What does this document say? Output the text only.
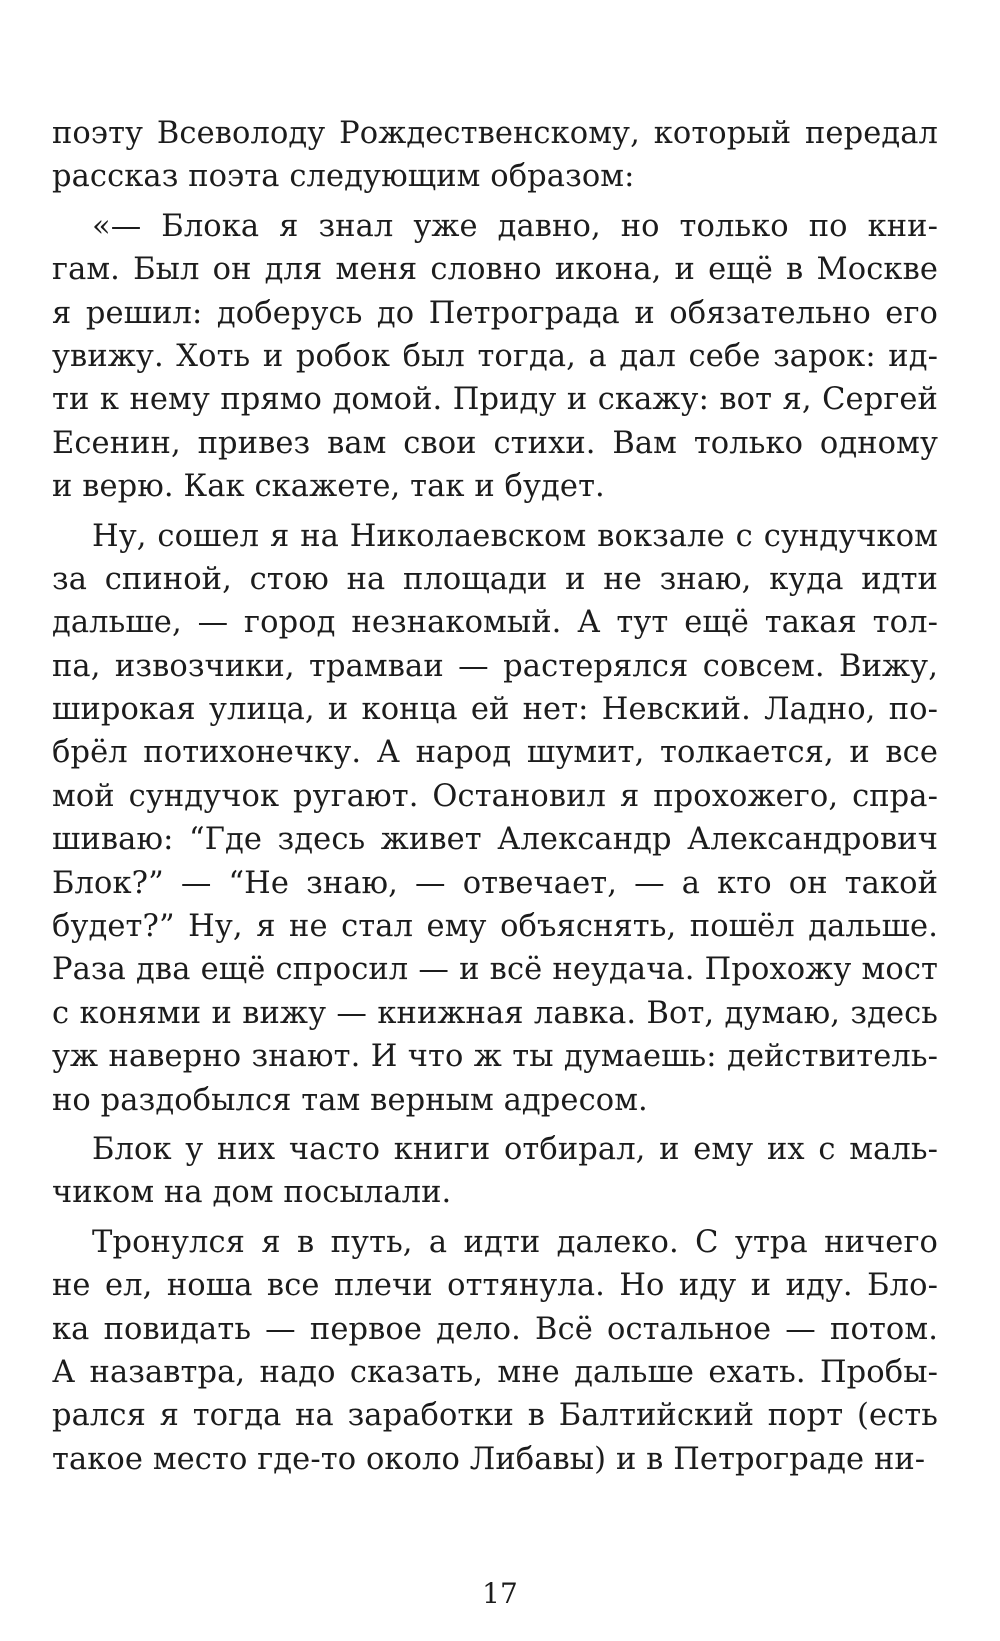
поэту Всеволоду Рождественскому, который передал
рассказ поэта следующим образом:
«— Блока я знал уже давно, но только по кни-
гам. Был он для меня словно икона, и ещё в Москве
я решил: доберусь до Петрограда и обязательно его
увижу. Хоть и робок был тогда, а дал себе зарок: ид-
ти к нему прямо домой. Приду и скажу: вот я, Сергей
Есенин, привез вам свои стихи. Вам только одному
и верю. Как скажете, так и будет.
Ну, сошел я на Николаевском вокзале с сундучком
за спиной, стою на площади и не знаю, куда идти
дальше, — город незнакомый. А тут ещё такая тол-
па, извозчики, трамваи — растерялся совсем. Вижу,
широкая улица, и конца ей нет: Невский. Ладно, по-
брёл потихонечку. А народ шумит, толкается, и все
мой сундучок ругают. Остановил я прохожего, спра-
шиваю: “Где здесь живет Александр Александрович
Блок?” — “Не знаю, — отвечает, — а кто он такой
будет?” Ну, я не стал ему объяснять, пошёл дальше.
Раза два ещё спросил — и всё неудача. Прохожу мост
с конями и вижу — книжная лавка. Вот, думаю, здесь
уж наверно знают. И что ж ты думаешь: действитель-
но раздобылся там верным адресом.
Блок у них часто книги отбирал, и ему их с маль-
чиком на дом посылали.
Тронулся я в путь, а идти далеко. С утра ничего
не ел, ноша все плечи оттянула. Но иду и иду. Бло-
ка повидать — первое дело. Всё остальное — потом.
А назавтра, надо сказать, мне дальше ехать. Пробы-
рался я тогда на заработки в Балтийский порт (есть
такое место где-то около Либавы) и в Петрограде ни-
17
